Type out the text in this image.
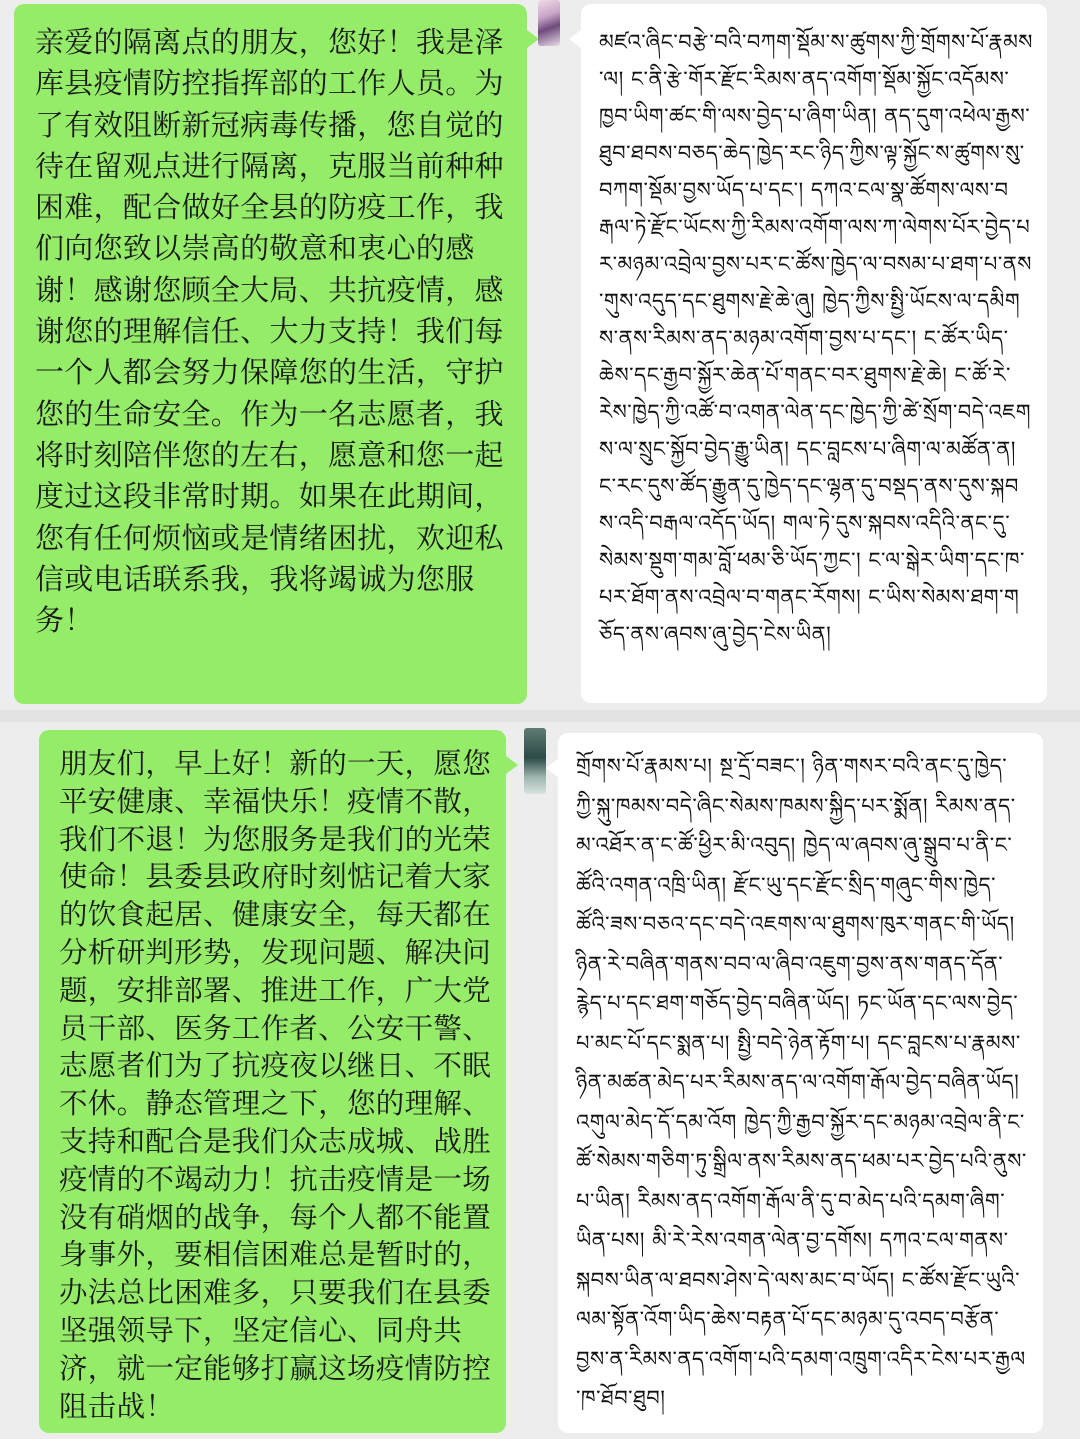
亲爱的隔离点的朋友，您好！我是泽库县疫情防控指挥部的工作人员。为了有效阻断新冠病毒传播，您自觉的待在留观点进行隔离，克服当前种种困难，配合做好全县的防疫工作，我们向您致以崇高的敬意和衷心的感谢！感谢您顾全大局、共抗疫情，感谢您的理解信任、大力支持！我们每一个人都会努力保障您的生活，守护您的生命安全。作为一名志愿者，我将时刻陪伴您的左右，愿意和您一起度过这段非常时期。如果在此期间，您有任何烦恼或是情绪困扰，欢迎私信或电话联系我，我将竭诚为您服务！

མཛའ་ཞིང་བརྩེ་བའི་བཀག་སྡོམ་ས་ཚུགས་ཀྱི་གྲོགས་པོ་རྣམས་ལ། ང་ནི་རྩེ་གོར་རྫོང་རིམས་ནད་འགོག་སྡོམ་སྐྱོང་འདོམས་ཁྱབ་ཡིག་ཚང་གི་ལས་བྱེད་པ་ཞིག་ཡིན། ནད་དུག་འཕེལ་རྒྱས་ཐུབ་ཐབས་བཅད་ཆེད་ཁྱེད་རང་ཉིད་ཀྱིས་ལྟ་སྐྱོང་ས་ཚུགས་སུ་བཀག་སྡོམ་བྱས་ཡོད་པ་དང་། དཀའ་ངལ་སྣ་ཚོགས་ལས་བརྒལ་ཏེ་རྫོང་ཡོངས་ཀྱི་རིམས་འགོག་ལས་ཀ་ལེགས་པོར་བྱེད་པར་མཉམ་འབྲེལ་བྱས་པར་ང་ཚོས་ཁྱེད་ལ་བསམ་པ་ཐག་པ་ནས་གུས་འདུད་དང་ཐུགས་རྗེ་ཆེ་ཞུ། ཁྱེད་ཀྱིས་སྤྱི་ཡོངས་ལ་དམིགས་ནས་རིམས་ནད་མཉམ་འགོག་བྱས་པ་དང་། ང་ཚོར་ཡིད་ཆེས་དང་རྒྱབ་སྐྱོར་ཆེན་པོ་གནང་བར་ཐུགས་རྗེ་ཆེ། ང་ཚོ་རེ་རེས་ཁྱེད་ཀྱི་འཚོ་བ་འགན་ལེན་དང་ཁྱེད་ཀྱི་ཚེ་སྲོག་བདེ་འཇགས་ལ་སྲུང་སྐྱོབ་བྱེད་རྒྱུ་ཡིན། དང་བླངས་པ་ཞིག་ལ་མཚོན་ན། ང་རང་དུས་ཚོད་རྒྱུན་དུ་ཁྱེད་དང་ལྷན་དུ་བསྡད་ནས་དུས་སྐབས་འདི་བརྒལ་འདོད་ཡོད། གལ་ཏེ་དུས་སྐབས་འདིའི་ནང་དུ་སེམས་སྡུག་གམ་བློ་ཕམ་ཅི་ཡོད་ཀྱང་། ང་ལ་སྒེར་ཡིག་དང་ཁ་པར་ཐོག་ནས་འབྲེལ་བ་གནང་རོགས། ང་ཡིས་སེམས་ཐག་གཅོད་ནས་ཞབས་ཞུ་བྱེད་ངེས་ཡིན།

朋友们，早上好！新的一天，愿您平安健康、幸福快乐！疫情不散，我们不退！为您服务是我们的光荣使命！县委县政府时刻惦记着大家的饮食起居、健康安全，每天都在分析研判形势，发现问题、解决问题，安排部署、推进工作，广大党员干部、医务工作者、公安干警、志愿者们为了抗疫夜以继日、不眠不休。静态管理之下，您的理解、支持和配合是我们众志成城、战胜疫情的不竭动力！抗击疫情是一场没有硝烟的战争，每个人都不能置身事外，要相信困难总是暂时的，办法总比困难多，只要我们在县委坚强领导下，坚定信心、同舟共济，就一定能够打赢这场疫情防控阻击战！

གྲོགས་པོ་རྣམས་པ། སྔ་དྲོ་བཟང་། ཉིན་གསར་བའི་ནང་དུ་ཁྱེད་ཀྱི་སྐུ་ཁམས་བདེ་ཞིང་སེམས་ཁམས་སྐྱིད་པར་སྨོན། རིམས་ནད་མ་འཐོར་ན་ང་ཚོ་ཕྱིར་མི་འབུད། ཁྱེད་ལ་ཞབས་ཞུ་སྒྲུབ་པ་ནི་ང་ཚོའི་འགན་འཁྲི་ཡིན། རྫོང་ཡུ་དང་རྫོང་སྲིད་གཞུང་གིས་ཁྱེད་ཚོའི་ཟས་བཅའ་དང་བདེ་འཇགས་ལ་ཐུགས་ཁུར་གནང་གི་ཡོད། ཉིན་རེ་བཞིན་གནས་བབ་ལ་ཞིབ་འཇུག་བྱས་ནས་གནད་དོན་རྙེད་པ་དང་ཐག་གཅོད་བྱེད་བཞིན་ཡོད། ཏང་ཡོན་དང་ལས་བྱེད་པ་མང་པོ་དང་སྨན་པ། སྤྱི་བདེ་ཉེན་རྟོག་པ། དང་བླངས་པ་རྣམས་ཉིན་མཚན་མེད་པར་རིམས་ནད་ལ་འགོག་རྒོལ་བྱེད་བཞིན་ཡོད། འགུལ་མེད་དོ་དམ་འོག ཁྱེད་ཀྱི་རྒྱབ་སྐྱོར་དང་མཉམ་འབྲེལ་ནི་ང་ཚོ་སེམས་གཅིག་ཏུ་སྒྲིལ་ནས་རིམས་ནད་ཕམ་པར་བྱེད་པའི་ནུས་པ་ཡིན། རིམས་ནད་འགོག་རྒོལ་ནི་དུ་བ་མེད་པའི་དམག་ཞིག་ཡིན་པས། མི་རེ་རེས་འགན་ལེན་བྱ་དགོས། དཀའ་ངལ་གནས་སྐབས་ཡིན་ལ་ཐབས་ཤེས་དེ་ལས་མང་བ་ཡོད། ང་ཚོས་རྫོང་ཡུའི་ལམ་སྟོན་འོག་ཡིད་ཆེས་བརྟན་པོ་དང་མཉམ་དུ་འབད་བརྩོན་བྱས་ན་རིམས་ནད་འགོག་པའི་དམག་འཁྲུག་འདིར་ངེས་པར་རྒྱལ་ཁ་ཐོབ་ཐུབ།
